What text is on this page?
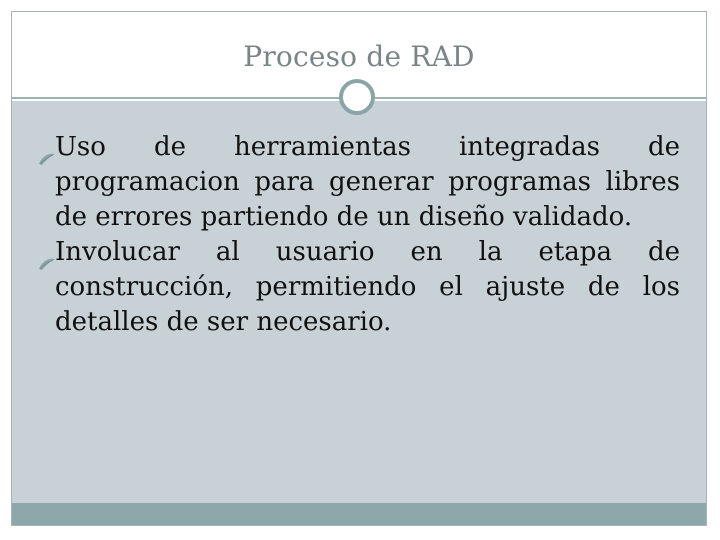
Proceso de RAD
Uso de herramientas integradas de programacion para generar programas libres de errores partiendo de un diseño validado.
Involucar al usuario en la etapa de construcción, permitiendo el ajuste de los detalles de ser necesario.
